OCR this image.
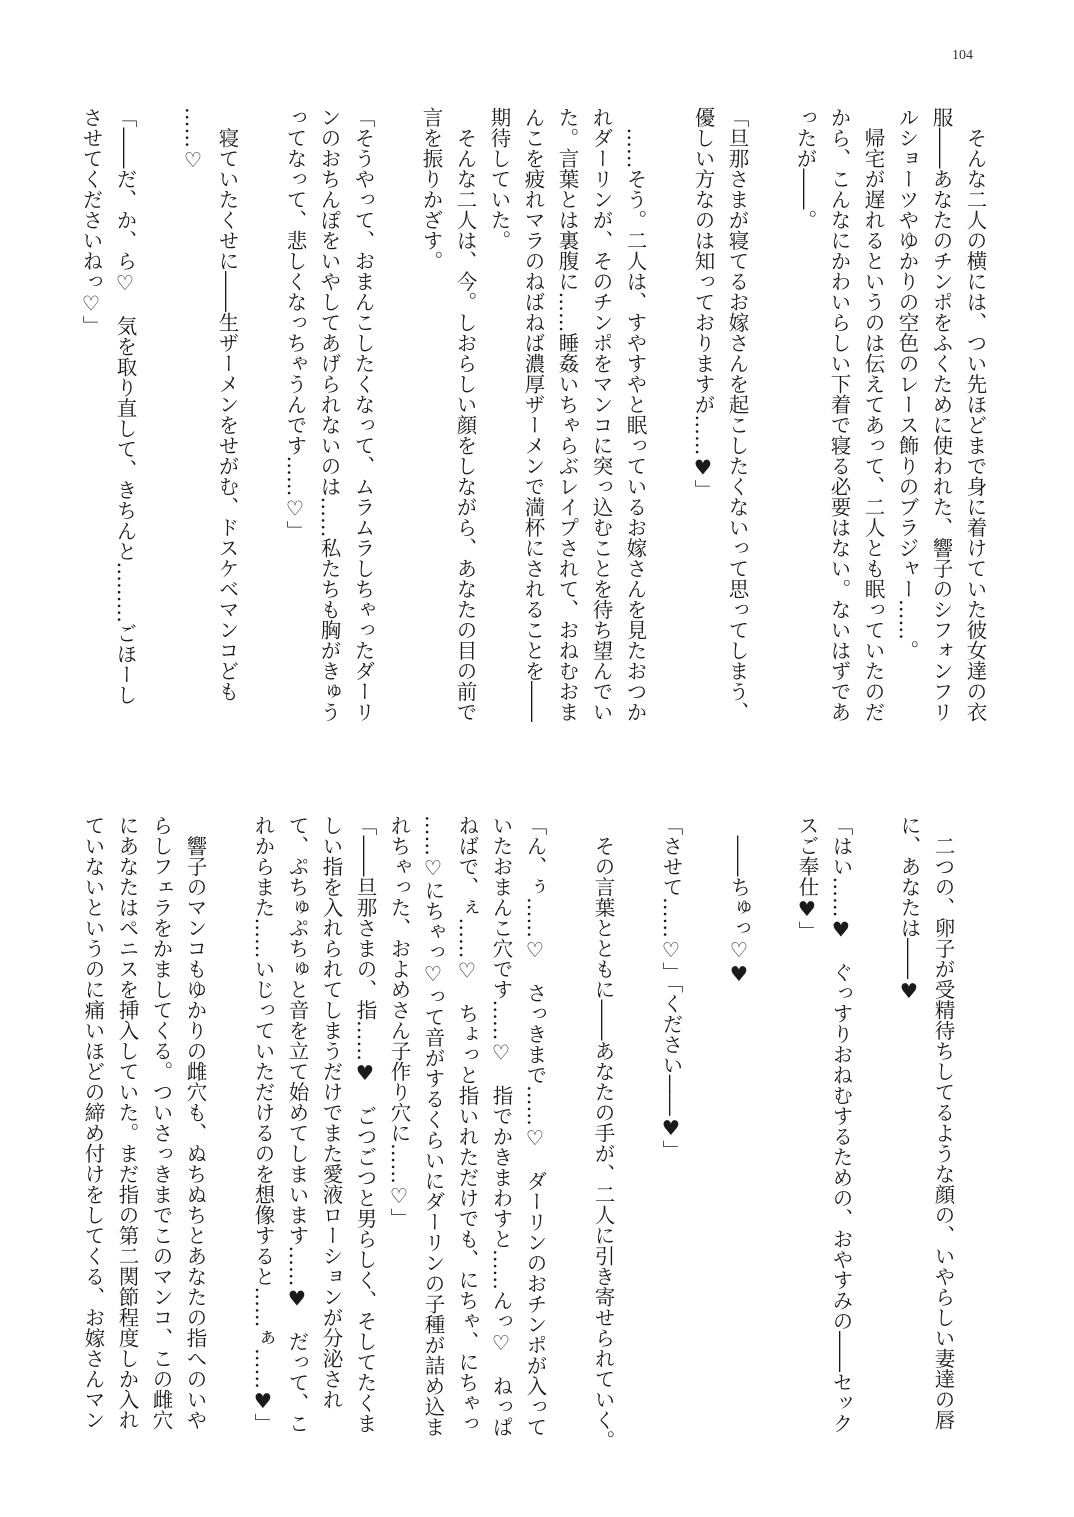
104
　そんな二人の横には、つい先ほどまで身に着けていた彼女達の衣
服――あなたのチンポをふくために使われた、響子のシフォンフリ
ルショーツやゆかりの空色のレース飾りのブラジャー……。
　帰宅が遅れるというのは伝えてあって、二人とも眠っていたのだ
から、こんなにかわいらしい下着で寝る必要はない。ないはずであ
ったが――。
「旦那さまが寝てるお嫁さんを起こしたくないって思ってしまう、
優しい方なのは知っておりますが……♥」
　……そう。二人は、すやすやと眠っているお嫁さんを見たおつか
れダーリンが、そのチンポをマンコに突っ込むことを待ち望んでい
た。言葉とは裏腹に……睡姦いちゃらぶレイプされて、おねむおま
んこを疲れマラのねばねば濃厚ザーメンで満杯にされることを――
期待していた。
　そんな二人は、今。しおらしい顔をしながら、あなたの目の前で
言を振りかざす。
「そうやって、おまんこしたくなって、ムラムラしちゃったダーリ
ンのおちんぽをいやしてあげられないのは……私たちも胸がきゅう
ってなって、悲しくなっちゃうんです……♡」
　寝ていたくせに――生ザーメンをせがむ、ドスケベマンコども
……♡
「――だ、か、ら♡　気を取り直して、きちんと………ごほーし
させてくださいねっ♡」
　二つの、卵子が受精待ちしてるような顔の、いやらしい妻達の唇
に、あなたは――♥
「はい……♥　ぐっすりおねむするための、おやすみの――セック
スご奉仕♥」
　――ちゅっ♡♥
「させて……♡」「ください――♥」
　その言葉とともに――あなたの手が、二人に引き寄せられていく。
「ん、ぅ……♡　さっきまで……♡　ダーリンのおチンポが入って
いたおまんこ穴です……♡　指でかきまわすと……んっ♡　ねっぱ
ねばで、ぇ……♡　ちょっと指いれただけでも、にちゃ、にちゃっ
……♡にちゃっ♡って音がするくらいにダーリンの子種が詰め込ま
れちゃった、およめさん子作り穴に……♡」
「――旦那さまの、指……♥　ごつごつと男らしく、そしてたくま
しい指を入れられてしまうだけでまた愛液ローションが分泌され
て、ぷちゅぷちゅと音を立て始めてしまいます……♥　だって、こ
れからまた……いじっていただけるのを想像すると……ぁ……♥」
　響子のマンコもゆかりの雌穴も、ぬちぬちとあなたの指へのいや
らしフェラをかましてくる。ついさっきまでこのマンコ、この雌穴
にあなたはペニスを挿入していた。まだ指の第二関節程度しか入れ
ていないというのに痛いほどの締め付けをしてくる、お嫁さんマン
